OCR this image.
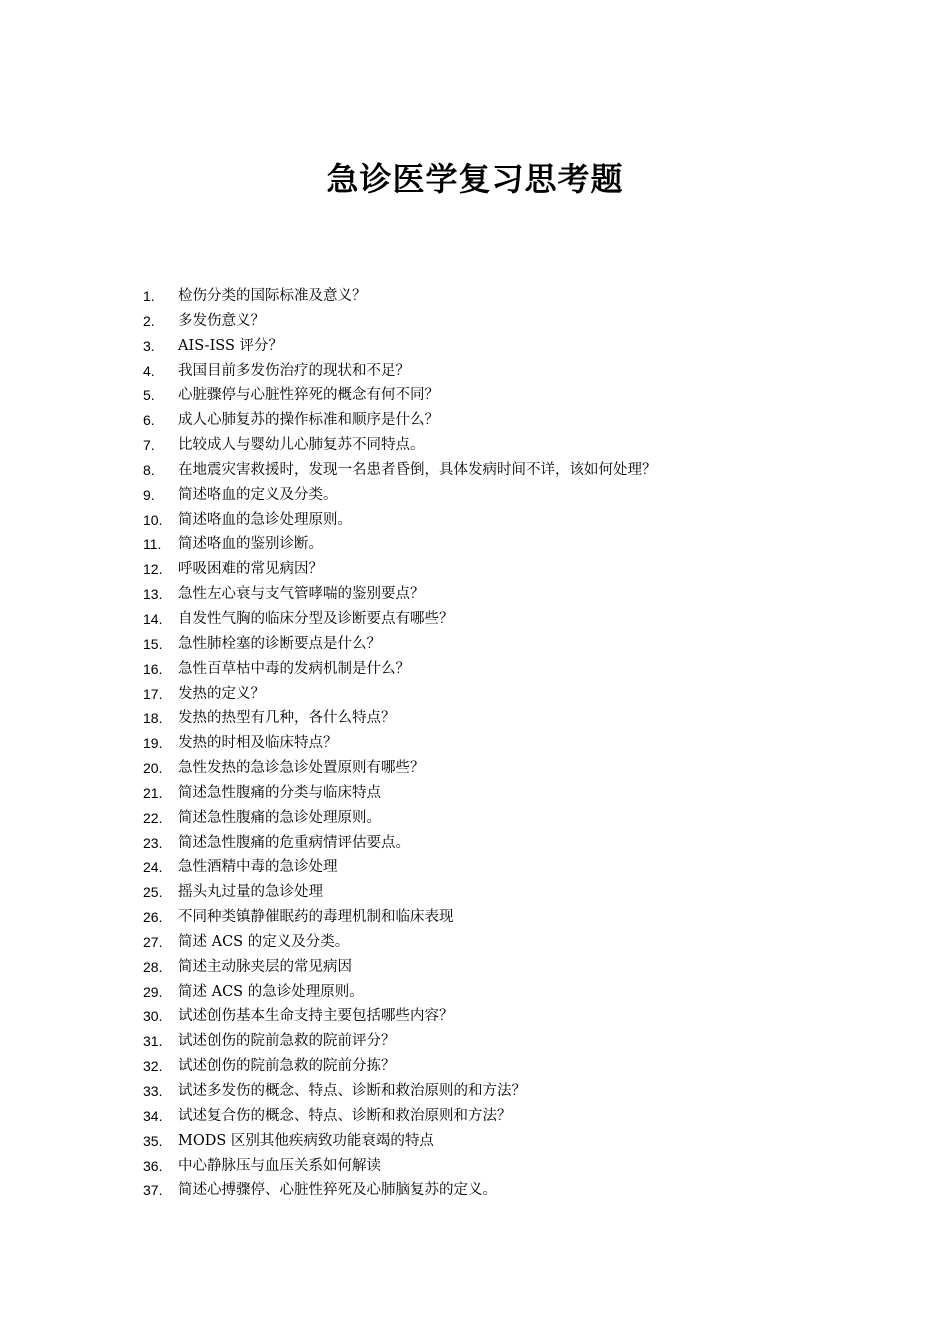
急诊医学复习思考题
1.	检伤分类的国际标准及意义？
2.	多发伤意义？
3.	AIS-ISS 评分？
4.	我国目前多发伤治疗的现状和不足？
5.	心脏骤停与心脏性猝死的概念有何不同？
6.	成人心肺复苏的操作标准和顺序是什么？
7.	比较成人与婴幼儿心肺复苏不同特点。
8.	在地震灾害救援时，发现一名患者昏倒，具体发病时间不详，该如何处理？
9.	简述咯血的定义及分类。
10.	简述咯血的急诊处理原则。
11.	简述咯血的鉴别诊断。
12.	呼吸困难的常见病因？
13.	急性左心衰与支气管哮喘的鉴别要点？
14.	自发性气胸的临床分型及诊断要点有哪些？
15.	急性肺栓塞的诊断要点是什么？
16.	急性百草枯中毒的发病机制是什么？
17.	发热的定义？
18.	发热的热型有几种，各什么特点？
19.	发热的时相及临床特点？
20.	急性发热的急诊急诊处置原则有哪些？
21.	简述急性腹痛的分类与临床特点
22.	简述急性腹痛的急诊处理原则。
23.	简述急性腹痛的危重病情评估要点。
24.	急性酒精中毒的急诊处理
25.	摇头丸过量的急诊处理
26.	不同种类镇静催眠药的毒理机制和临床表现
27.	简述 ACS 的定义及分类。
28.	简述主动脉夹层的常见病因
29.	简述 ACS 的急诊处理原则。
30.	试述创伤基本生命支持主要包括哪些内容？
31.	试述创伤的院前急救的院前评分？
32.	试述创伤的院前急救的院前分拣？
33.	试述多发伤的概念、特点、诊断和救治原则的和方法？
34.	试述复合伤的概念、特点、诊断和救治原则和方法？
35.	MODS 区别其他疾病致功能衰竭的特点
36.	中心静脉压与血压关系如何解读
37.	简述心搏骤停、心脏性猝死及心肺脑复苏的定义。
